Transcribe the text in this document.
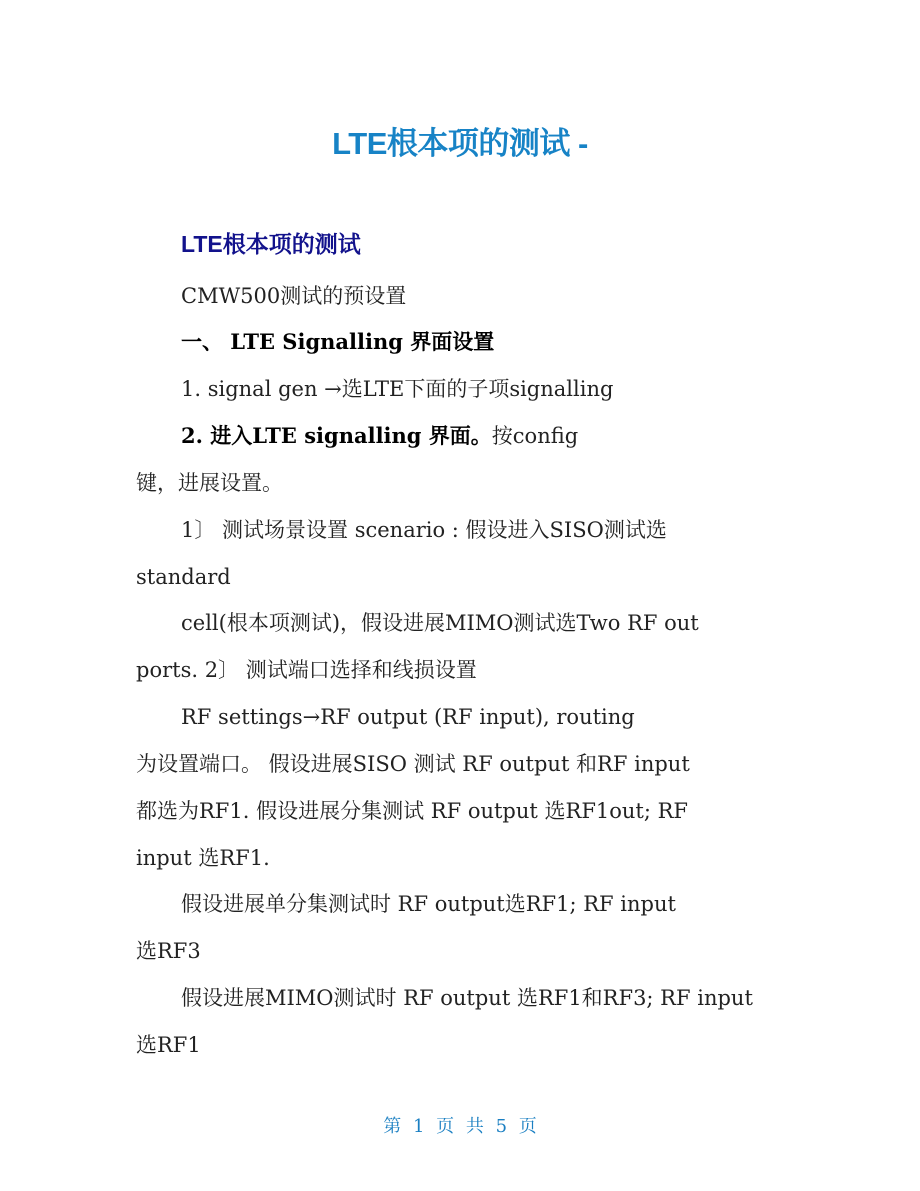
LTE根本项的测试 -
LTE根本项的测试
CMW500测试的预设置
一、 LTE Signalling 界面设置
1. signal gen →选LTE下面的子项signalling
2. 进入LTE signalling 界面。按config
键，进展设置。
1〕 测试场景设置 scenario : 假设进入SISO测试选
standard
cell(根本项测试)，假设进展MIMO测试选Two RF out
ports. 2〕 测试端口选择和线损设置
RF settings→RF output (RF input), routing
为设置端口。 假设进展SISO 测试 RF output 和RF input
都选为RF1. 假设进展分集测试 RF output 选RF1out; RF
input 选RF1.
假设进展单分集测试时 RF output选RF1; RF input
选RF3
假设进展MIMO测试时 RF output 选RF1和RF3; RF input
选RF1
第 1 页 共 5 页
